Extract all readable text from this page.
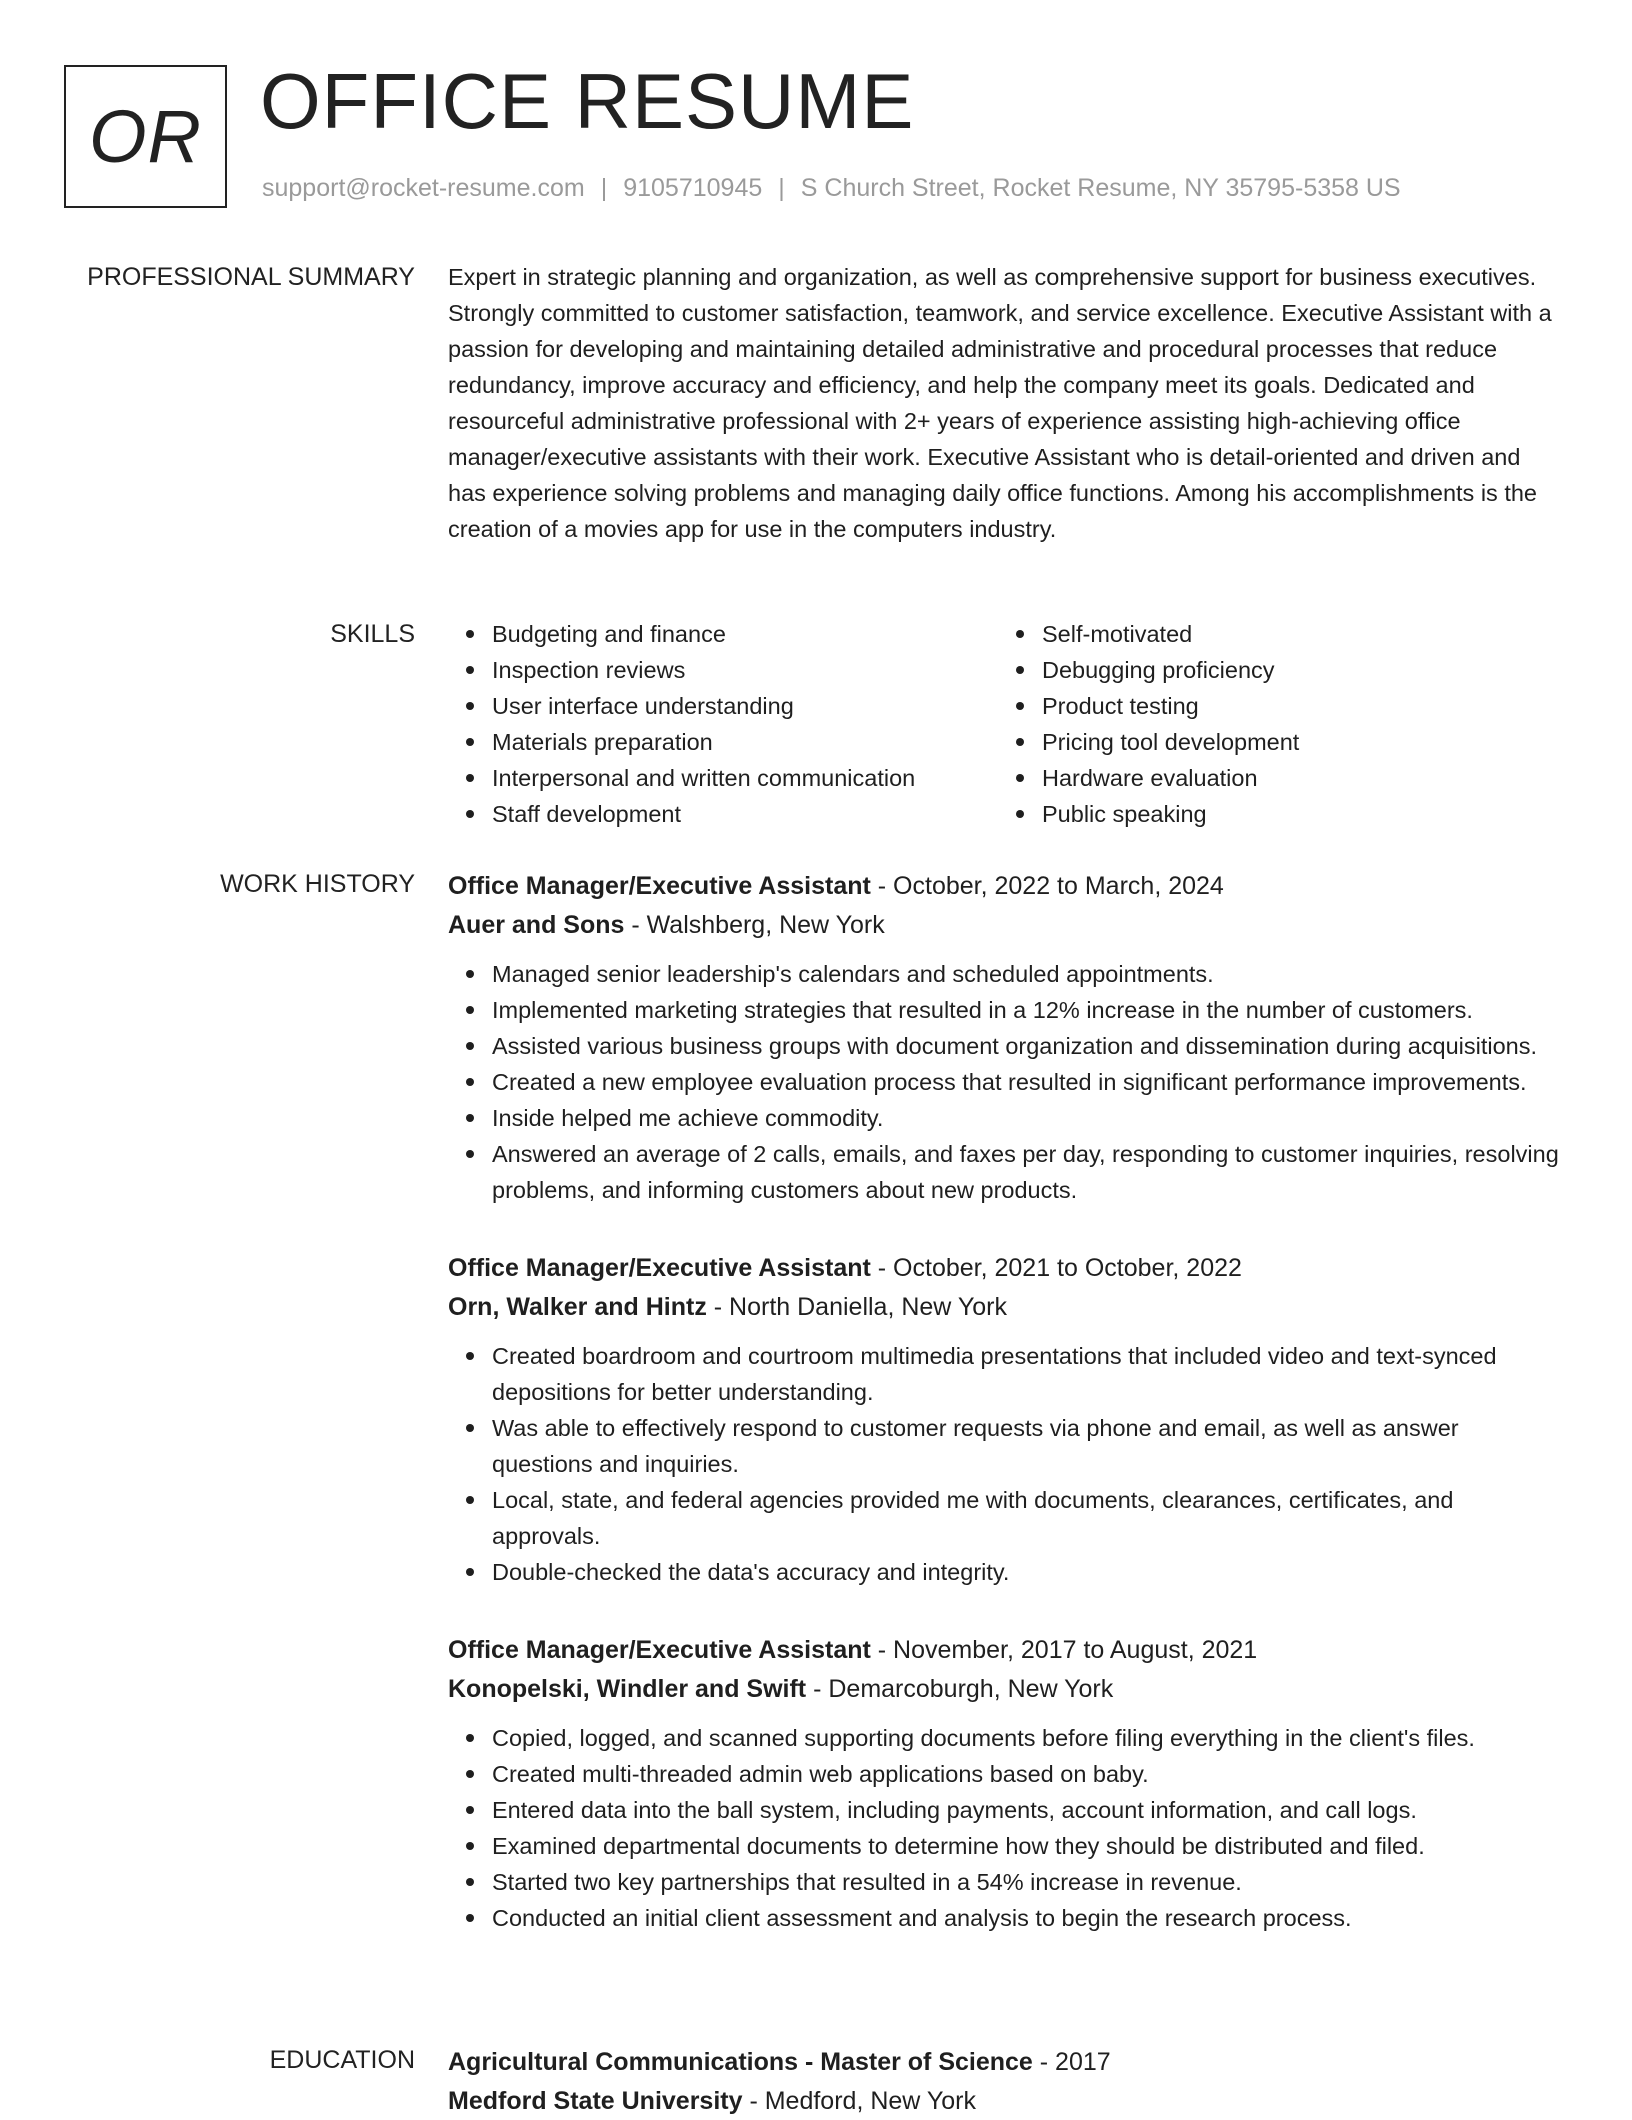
OR OFFICE RESUME
support@rocket-resume.com | 9105710945 | S Church Street, Rocket Resume, NY 35795-5358 US
PROFESSIONAL SUMMARY Expert in strategic planning and organization, as well as comprehensive support for business executives. Strongly committed to customer satisfaction, teamwork, and service excellence. Executive Assistant with a passion for developing and maintaining detailed administrative and procedural processes that reduce redundancy, improve accuracy and efficiency, and help the company meet its goals. Dedicated and resourceful administrative professional with 2+ years of experience assisting high-achieving office manager/executive assistants with their work. Executive Assistant who is detail-oriented and driven and has experience solving problems and managing daily office functions. Among his accomplishments is the creation of a movies app for use in the computers industry.

SKILLS	Budgeting and finance
Inspection reviews
User interface understanding
Materials preparation
Interpersonal and written communication
Staff development
Self-motivated
Debugging proficiency
Product testing
Pricing tool development
Hardware evaluation
Public speaking
WORK HISTORY Office Manager/Executive Assistant - October, 2022 to March, 2024
Auer and Sons - Walshberg, New York
Managed senior leadership's calendars and scheduled appointments.
Implemented marketing strategies that resulted in a 12% increase in the number of customers.
Assisted various business groups with document organization and dissemination during acquisitions.
Created a new employee evaluation process that resulted in significant performance improvements.
Inside helped me achieve commodity.
Answered an average of 2 calls, emails, and faxes per day, responding to customer inquiries, resolving problems, and informing customers about new products.
Office Manager/Executive Assistant - October, 2021 to October, 2022
Orn, Walker and Hintz - North Daniella, New York
Created boardroom and courtroom multimedia presentations that included video and text-synced depositions for better understanding.
Was able to effectively respond to customer requests via phone and email, as well as answer questions and inquiries.
Local, state, and federal agencies provided me with documents, clearances, certificates, and approvals.
Double-checked the data's accuracy and integrity.
Office Manager/Executive Assistant - November, 2017 to August, 2021
Konopelski, Windler and Swift - Demarcoburgh, New York
Copied, logged, and scanned supporting documents before filing everything in the client's files.
Created multi-threaded admin web applications based on baby.
Entered data into the ball system, including payments, account information, and call logs.
Examined departmental documents to determine how they should be distributed and filed.
Started two key partnerships that resulted in a 54% increase in revenue.
Conducted an initial client assessment and analysis to begin the research process.
EDUCATION Agricultural Communications - Master of Science - 2017
Medford State University - Medford, New York
